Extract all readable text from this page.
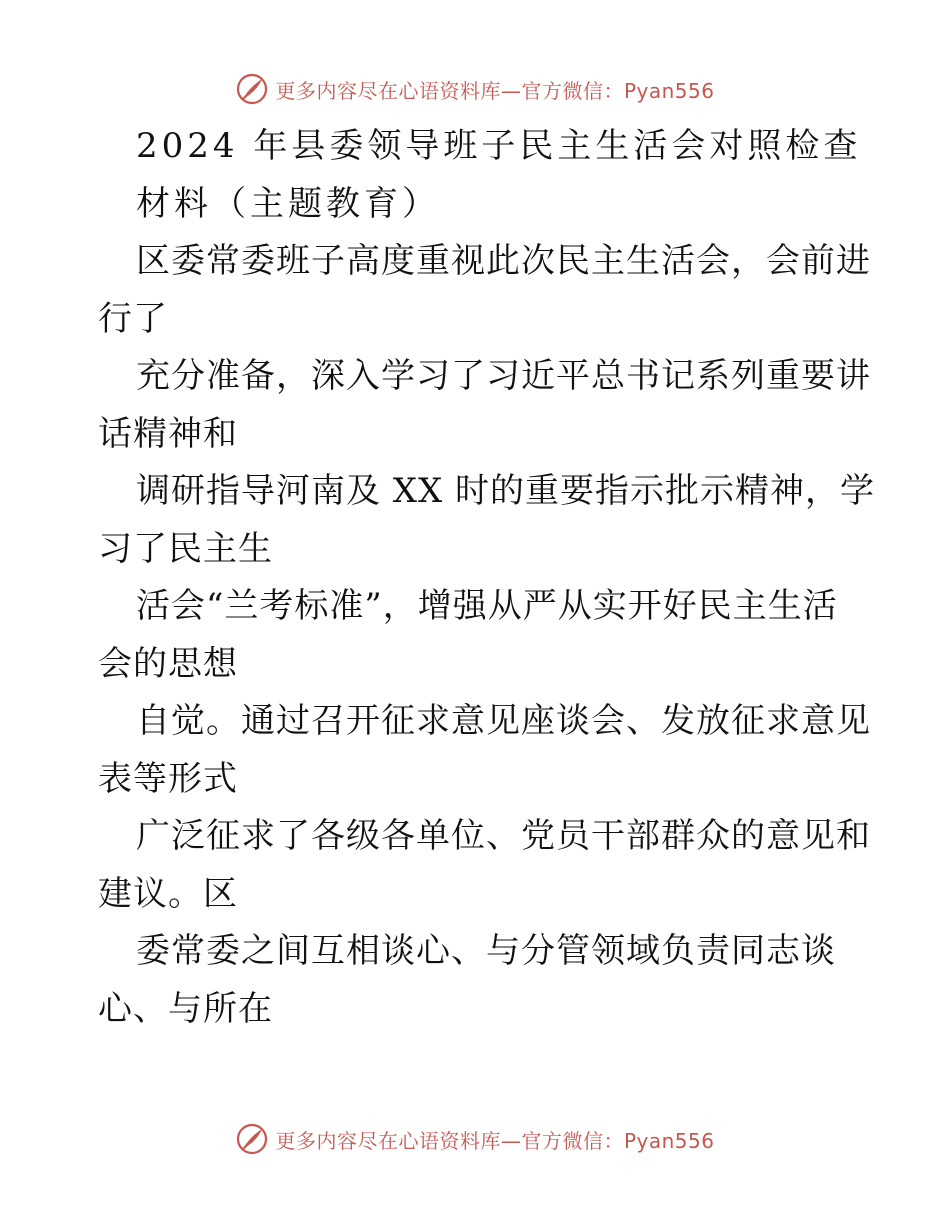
更多内容尽在心语资料库—官方微信：Pyan556
2024 年县委领导班子民主生活会对照检查
材料（主题教育）
区委常委班子高度重视此次民主生活会，会前进
行了
充分准备，深入学习了习近平总书记系列重要讲
话精神和
调研指导河南及 XX 时的重要指示批示精神，学
习了民主生
活会“兰考标准”，增强从严从实开好民主生活
会的思想
自觉。通过召开征求意见座谈会、发放征求意见
表等形式
广泛征求了各级各单位、党员干部群众的意见和
建议。区
委常委之间互相谈心、与分管领域负责同志谈
心、与所在
更多内容尽在心语资料库—官方微信：Pyan556
